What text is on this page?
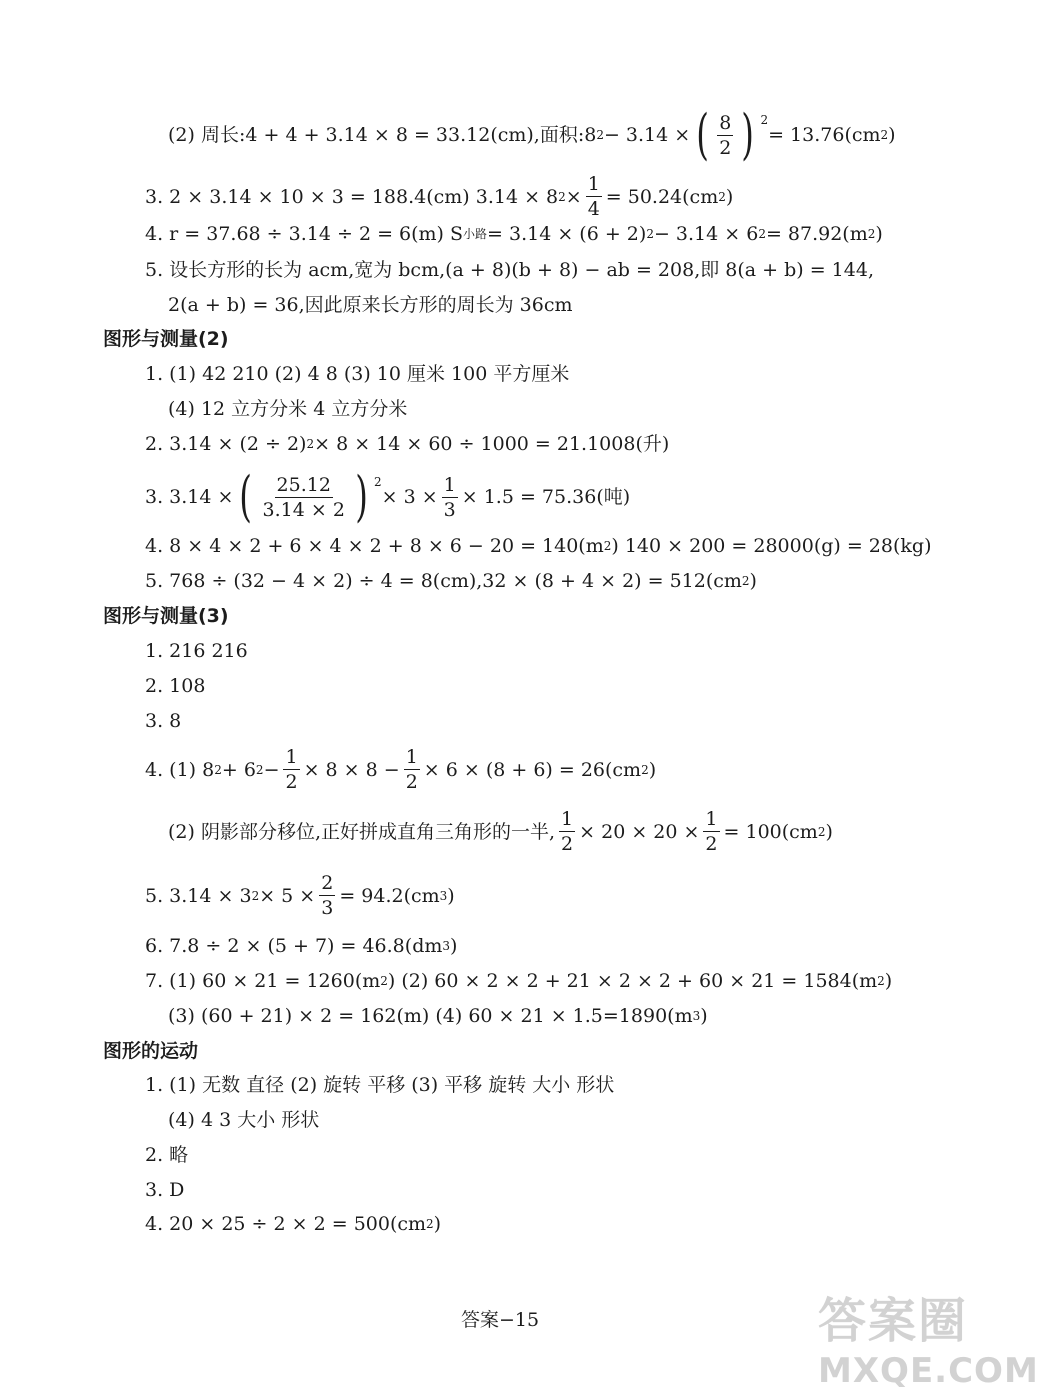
(2) 周长:4 + 4 + 3.14 × 8 = 33.12(cm),面积:8 2 − 3.14 × ( $\frac{8}{2}$ ) 2
= 13.76(cm 2 )
3. 2 × 3.14 × 10 × 3 = 188.4(cm) 3.14 × 8 $2 \times \frac{1}{4} = 50.24(cm$ 2 )
4. r = 37.68 ÷ 3.14 ÷ 2 = 6(m) S 小路 = 3.14 × (6 + 2) 2 − 3.14 × 6 2 = 87.92(m 2 )
5. 设长方形的长为 acm,宽为 bcm,(a + 8)(b + 8) − ab = 208,即 8(a + b) = 144,
2(a + b) = 36,因此原来长方形的周长为 36cm
图形与测量(2)
1. (1) 42 210 (2) 4 8 (3) 10 厘米 100 平方厘米
(4) 12 立方分米 4 立方分米
2. 3.14 × (2 ÷ 2) 2 × 8 × 14 × 60 ÷ 1000 = 21.1008(升)
3. 3.14 × ( $\frac{25.12}{3.14 \times 2}$ ) 2
× $3 \times \frac{1}{3} \times 1.5 = 75.36$(吨)
4. 8 × 4 × 2 + 6 × 4 × 2 + 8 × 6 − 20 = 140(m 2 ) 140 × 200 = 28000(g) = 28(kg)
5. 768 ÷ (32 − 4 × 2) ÷ 4 = 8(cm),32 × (8 + 4 × 2) = 512(cm 2 )
图形与测量(3)
1. 216 216
2. 108
3. 8
4. (1) 8 2 + 6 $2 - \frac{1}{2} \times 8 \times 8 - \frac{1}{2} \times 6 \times (8 + 6) = 26(cm$ 2 )
(2) 阴影部分移位,正好拼成直角三角形的一半, $\frac{1}{2} \times 20 \times 20 \times \frac{1}{2} = 100(cm$ 2 )
5. 3.14 × 3 $2 \times 5 \times \frac{2}{3} = 94.2(cm$ 3 )
6. 7.8 ÷ 2 × (5 + 7) = 46.8(dm 3 )
7. (1) 60 × 21 = 1260(m 2 ) (2) 60 × 2 × 2 + 21 × 2 × 2 + 60 × 21 = 1584(m 2 )
(3) (60 + 21) × 2 = 162(m) (4) 60 × 21 × 1.5=1890(m 3 )
图形的运动
1. (1) 无数 直径 (2) 旋转 平移 (3) 平移 旋转 大小 形状
(4) 4 3 大小 形状
2. 略
3. D
4. 20 × 25 ÷ 2 × 2 = 500(cm 2 )
答案−15	答案圈
MXQE.COM
